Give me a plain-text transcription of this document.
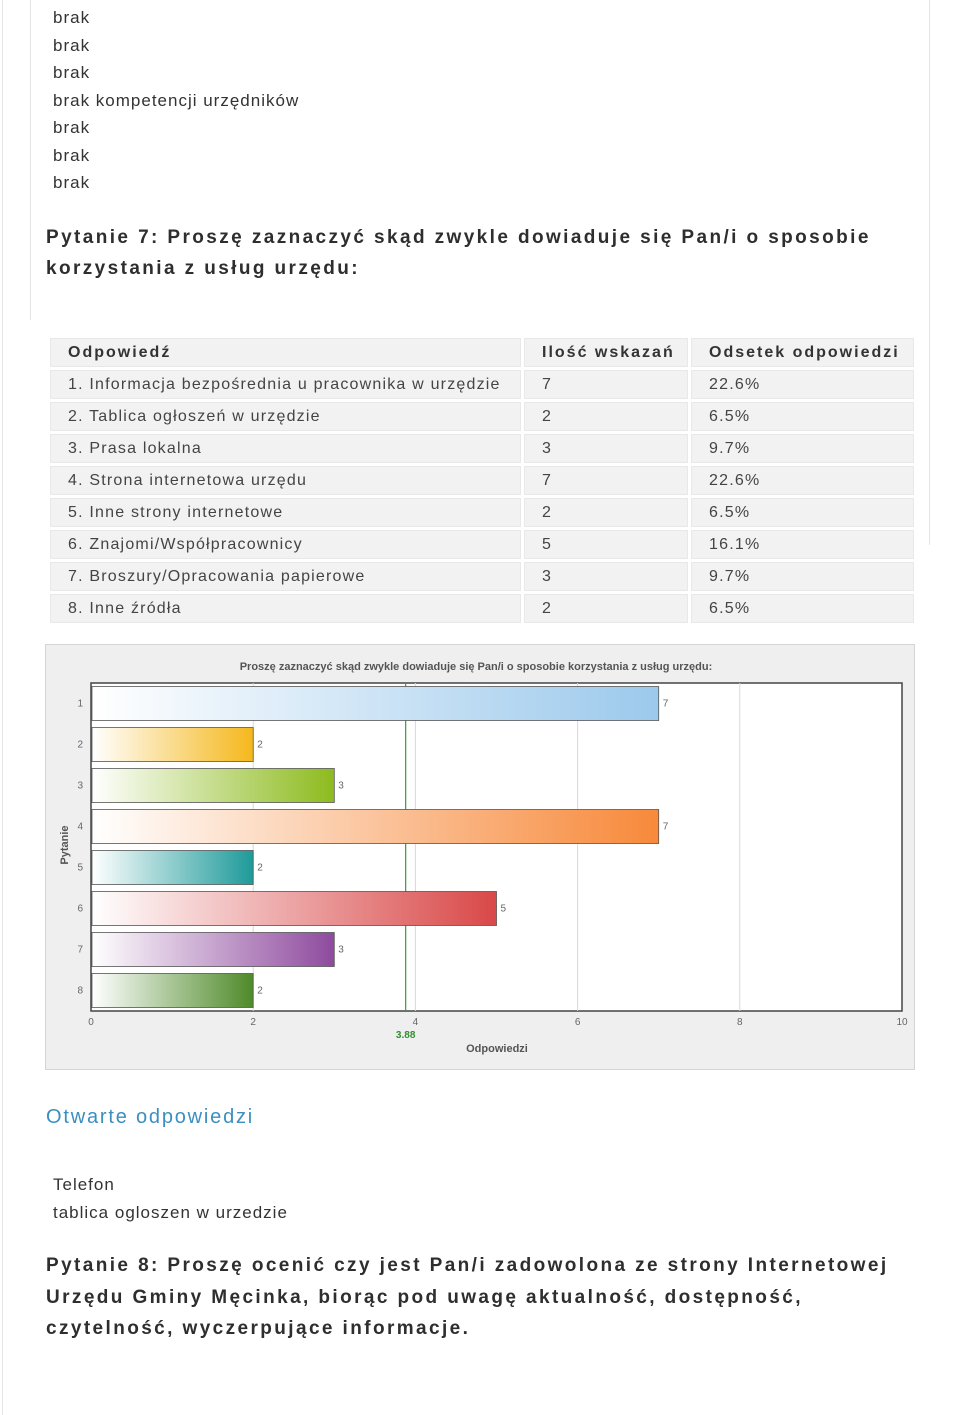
brak
brak
brak
brak kompetencji urzędników
brak
brak
brak
Pytanie 7: Proszę zaznaczyć skąd zwykle dowiaduje się Pan/i o sposobie korzystania z usług urzędu:
Odpowiedź	Ilość wskazań	Odsetek odpowiedzi
1. Informacja bezpośrednia u pracownika w urzędzie	7	22.6%
2. Tablica ogłoszeń w urzędzie	2	6.5%
3. Prasa lokalna	3	9.7%
4. Strona internetowa urzędu	7	22.6%
5. Inne strony internetowe	2	6.5%
6. Znajomi/Współpracownicy	5	16.1%
7. Broszury/Opracowania papierowe	3	9.7%
8. Inne źródła	2	6.5%
Proszę zaznaczyć skąd zwykle dowiaduje się Pan/i o sposobie korzystania z usług urzędu:
0	2	4	6	8	10
3.88
1	7
2	2
3	3
4	7
5	2
6	5
7	3
8	2
Pytanie
Odpowiedzi
Otwarte odpowiedzi
Telefon
tablica ogloszen w urzedzie
Pytanie 8: Proszę ocenić czy jest Pan/i zadowolona ze strony Internetowej Urzędu Gminy Męcinka, biorąc pod uwagę aktualność, dostępność, czytelność, wyczerpujące informacje.
